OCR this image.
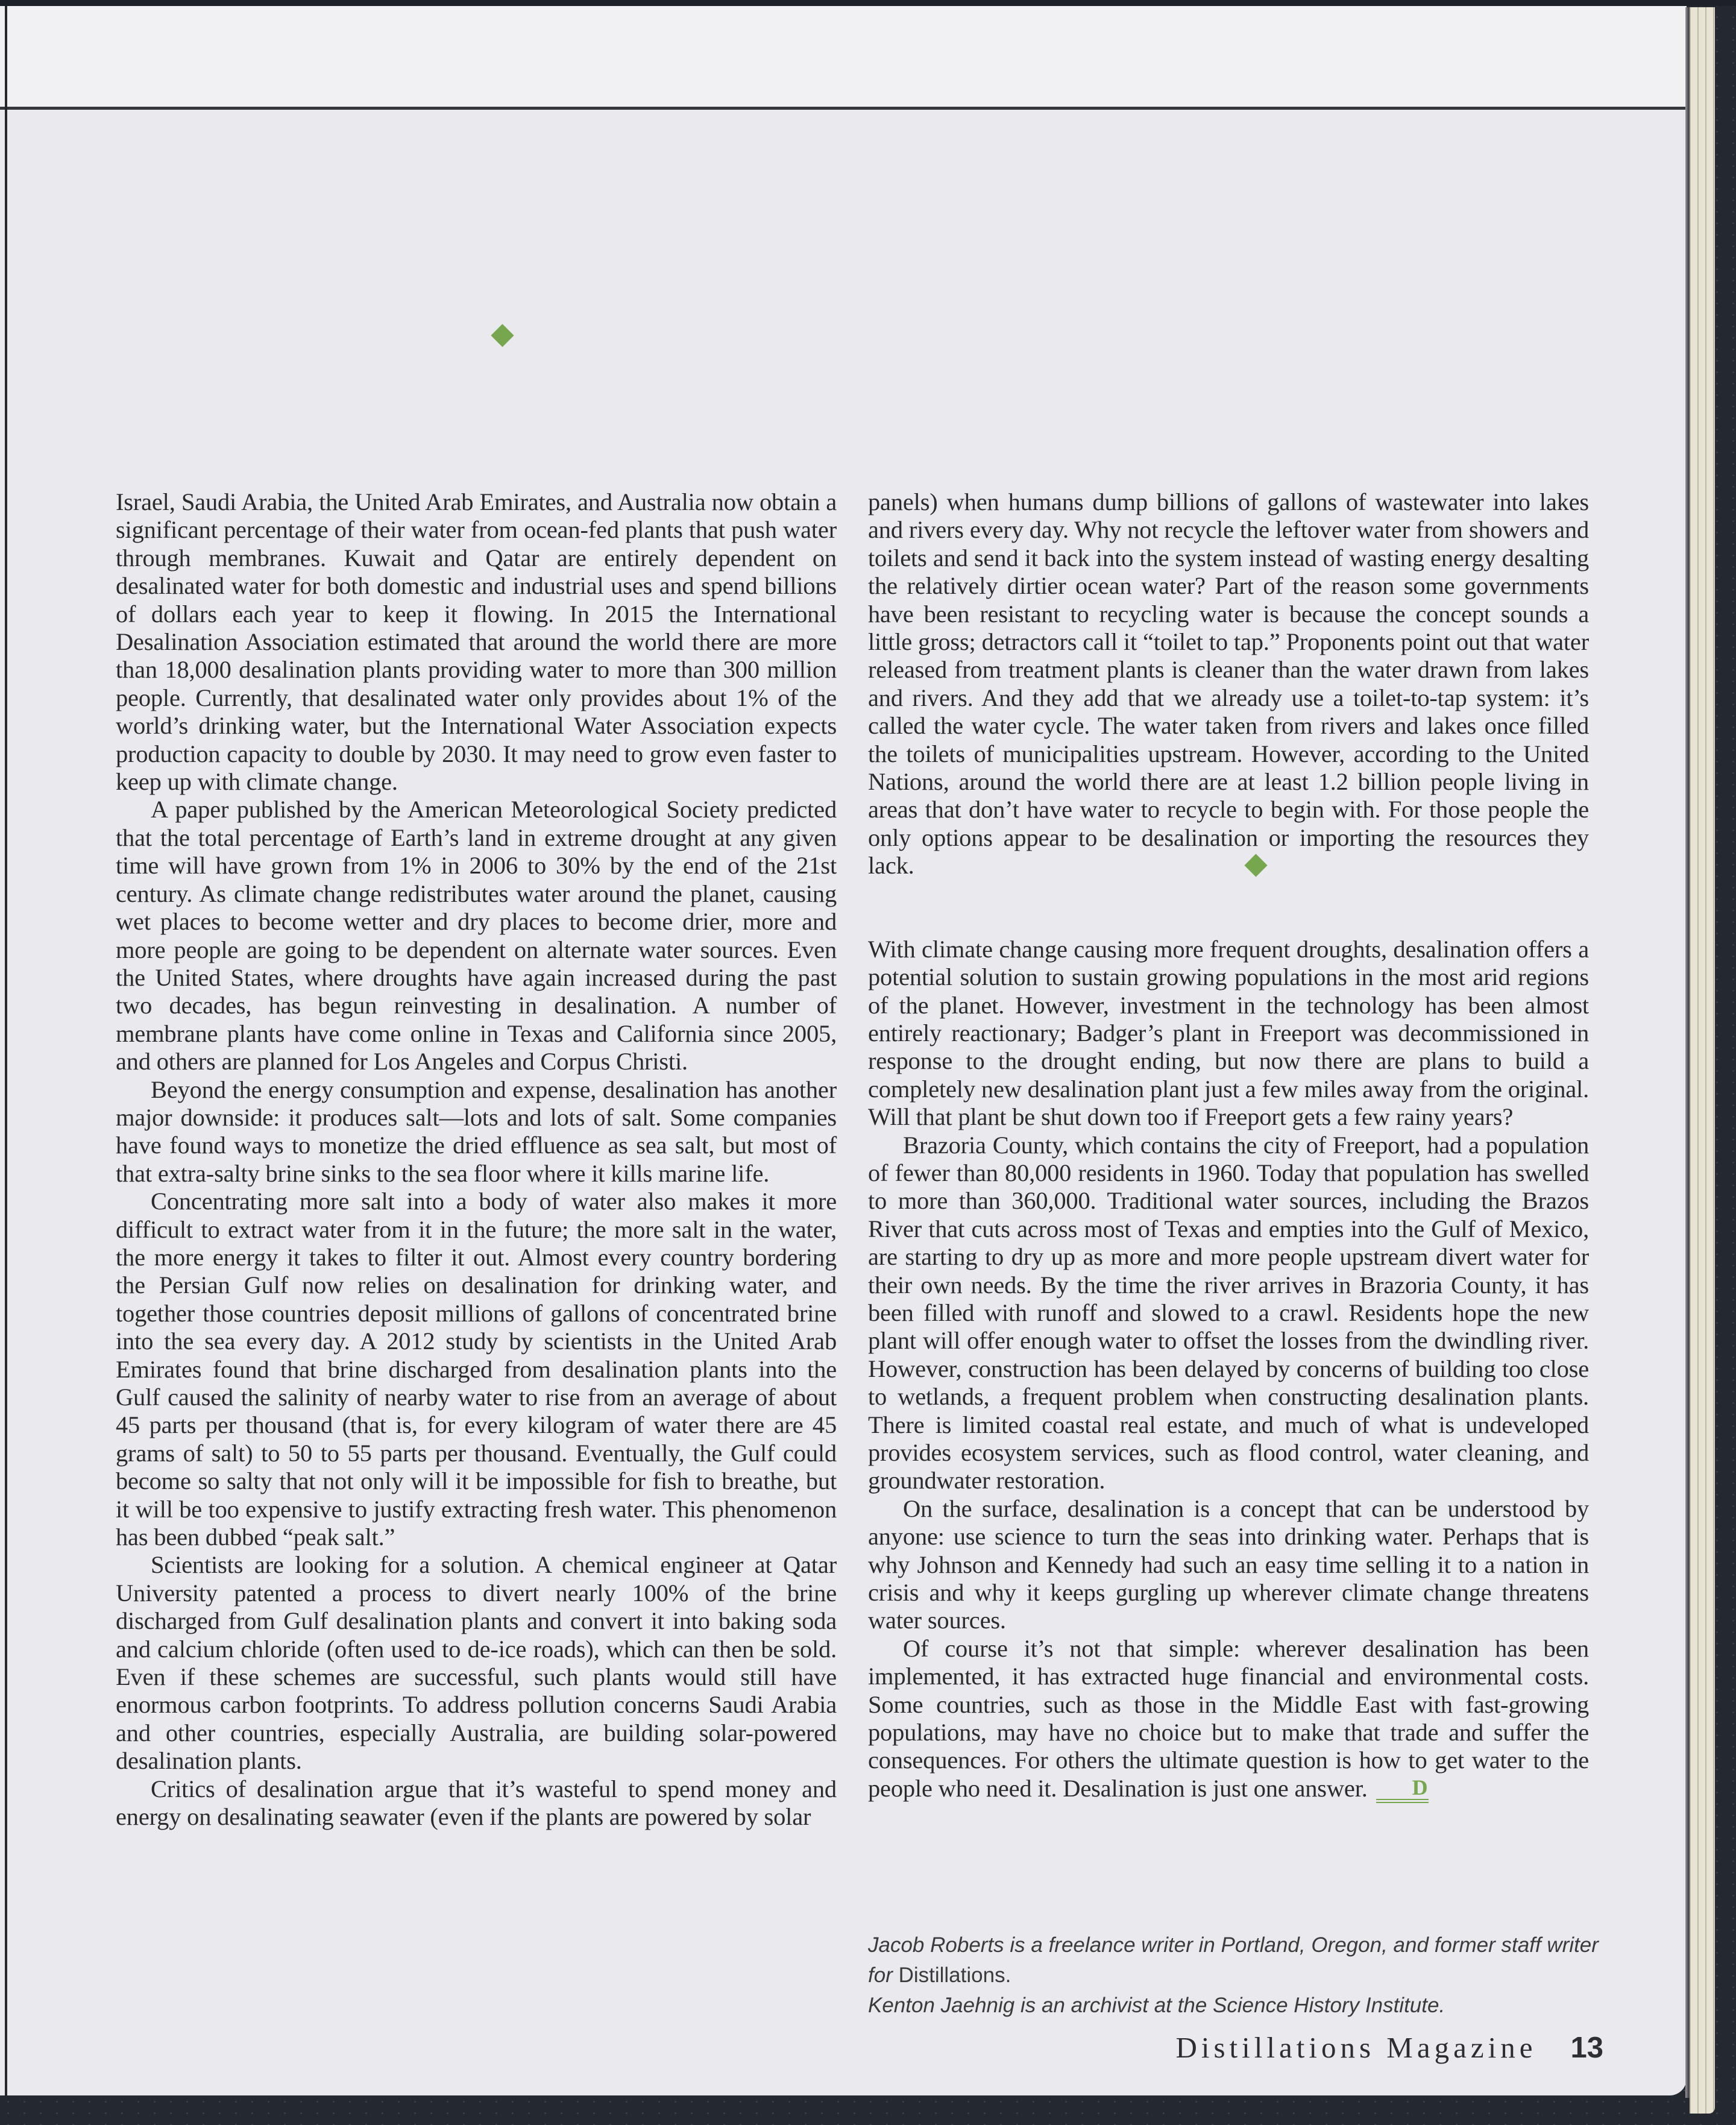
Israel, Saudi Arabia, the United Arab Emirates, and Australia now obtain a significant percentage of their water from ocean-fed plants that push water through membranes. Kuwait and Qatar are entirely dependent on desalinated water for both domestic and industrial uses and spend billions of dollars each year to keep it flowing. In 2015 the International Desalination Association estimated that around the world there are more than 18,000 desalination plants providing water to more than 300 million people. Currently, that desalinated water only provides about 1% of the world’s drinking water, but the International Water Association expects production capacity to double by 2030. It may need to grow even faster to keep up with climate change.

A paper published by the American Meteorological Society predicted that the total percentage of Earth’s land in extreme drought at any given time will have grown from 1% in 2006 to 30% by the end of the 21st century. As climate change redistributes water around the planet, causing wet places to become wetter and dry places to become drier, more and more people are going to be dependent on alternate water sources. Even the United States, where droughts have again increased during the past two decades, has begun reinvesting in desalination. A number of membrane plants have come online in Texas and California since 2005, and others are planned for Los Angeles and Corpus Christi.

Beyond the energy consumption and expense, desalination has another major downside: it produces salt—lots and lots of salt. Some companies have found ways to monetize the dried effluence as sea salt, but most of that extra-salty brine sinks to the sea floor where it kills marine life.

Concentrating more salt into a body of water also makes it more difficult to extract water from it in the future; the more salt in the water, the more energy it takes to filter it out. Almost every country bordering the Persian Gulf now relies on desalination for drinking water, and together those countries deposit millions of gallons of concentrated brine into the sea every day. A 2012 study by scientists in the United Arab Emirates found that brine discharged from desalination plants into the Gulf caused the salinity of nearby water to rise from an average of about 45 parts per thousand (that is, for every kilogram of water there are 45 grams of salt) to 50 to 55 parts per thousand. Eventually, the Gulf could become so salty that not only will it be impossible for fish to breathe, but it will be too expensive to justify extracting fresh water. This phenomenon has been dubbed “peak salt.”

Scientists are looking for a solution. A chemical engineer at Qatar University patented a process to divert nearly 100% of the brine discharged from Gulf desalination plants and convert it into baking soda and calcium chloride (often used to de-ice roads), which can then be sold. Even if these schemes are successful, such plants would still have enormous carbon footprints. To address pollution concerns Saudi Arabia and other countries, especially Australia, are building solar-powered desalination plants.

Critics of desalination argue that it’s wasteful to spend money and energy on desalinating seawater (even if the plants are powered by solar

panels) when humans dump billions of gallons of wastewater into lakes and rivers every day. Why not recycle the leftover water from showers and toilets and send it back into the system instead of wasting energy desalting the relatively dirtier ocean water? Part of the reason some governments have been resistant to recycling water is because the concept sounds a little gross; detractors call it “toilet to tap.” Proponents point out that water released from treatment plants is cleaner than the water drawn from lakes and rivers. And they add that we already use a toilet-to-tap system: it’s called the water cycle. The water taken from rivers and lakes once filled the toilets of municipalities upstream. However, according to the United Nations, around the world there are at least 1.2 billion people living in areas that don’t have water to recycle to begin with. For those people the only options appear to be desalination or importing the resources they lack.

With climate change causing more frequent droughts, desalination offers a potential solution to sustain growing populations in the most arid regions of the planet. However, investment in the technology has been almost entirely reactionary; Badger’s plant in Freeport was decommissioned in response to the drought ending, but now there are plans to build a completely new desalination plant just a few miles away from the original. Will that plant be shut down too if Freeport gets a few rainy years?

Brazoria County, which contains the city of Freeport, had a population of fewer than 80,000 residents in 1960. Today that population has swelled to more than 360,000. Traditional water sources, including the Brazos River that cuts across most of Texas and empties into the Gulf of Mexico, are starting to dry up as more and more people upstream divert water for their own needs. By the time the river arrives in Brazoria County, it has been filled with runoff and slowed to a crawl. Residents hope the new plant will offer enough water to offset the losses from the dwindling river. However, construction has been delayed by concerns of building too close to wetlands, a frequent problem when constructing desalination plants. There is limited coastal real estate, and much of what is undeveloped provides ecosystem services, such as flood control, water cleaning, and groundwater restoration.

On the surface, desalination is a concept that can be understood by anyone: use science to turn the seas into drinking water. Perhaps that is why Johnson and Kennedy had such an easy time selling it to a nation in crisis and why it keeps gurgling up wherever climate change threatens water sources.

Of course it’s not that simple: wherever desalination has been implemented, it has extracted huge financial and environmental costs. Some countries, such as those in the Middle East with fast-growing populations, may have no choice but to make that trade and suffer the consequences. For others the ultimate question is how to get water to the people who need it. Desalination is just one answer. D

Jacob Roberts is a freelance writer in Portland, Oregon, and former staff writer for Distillations.
Kenton Jaehnig is an archivist at the Science History Institute.
Distillations Magazine 13
